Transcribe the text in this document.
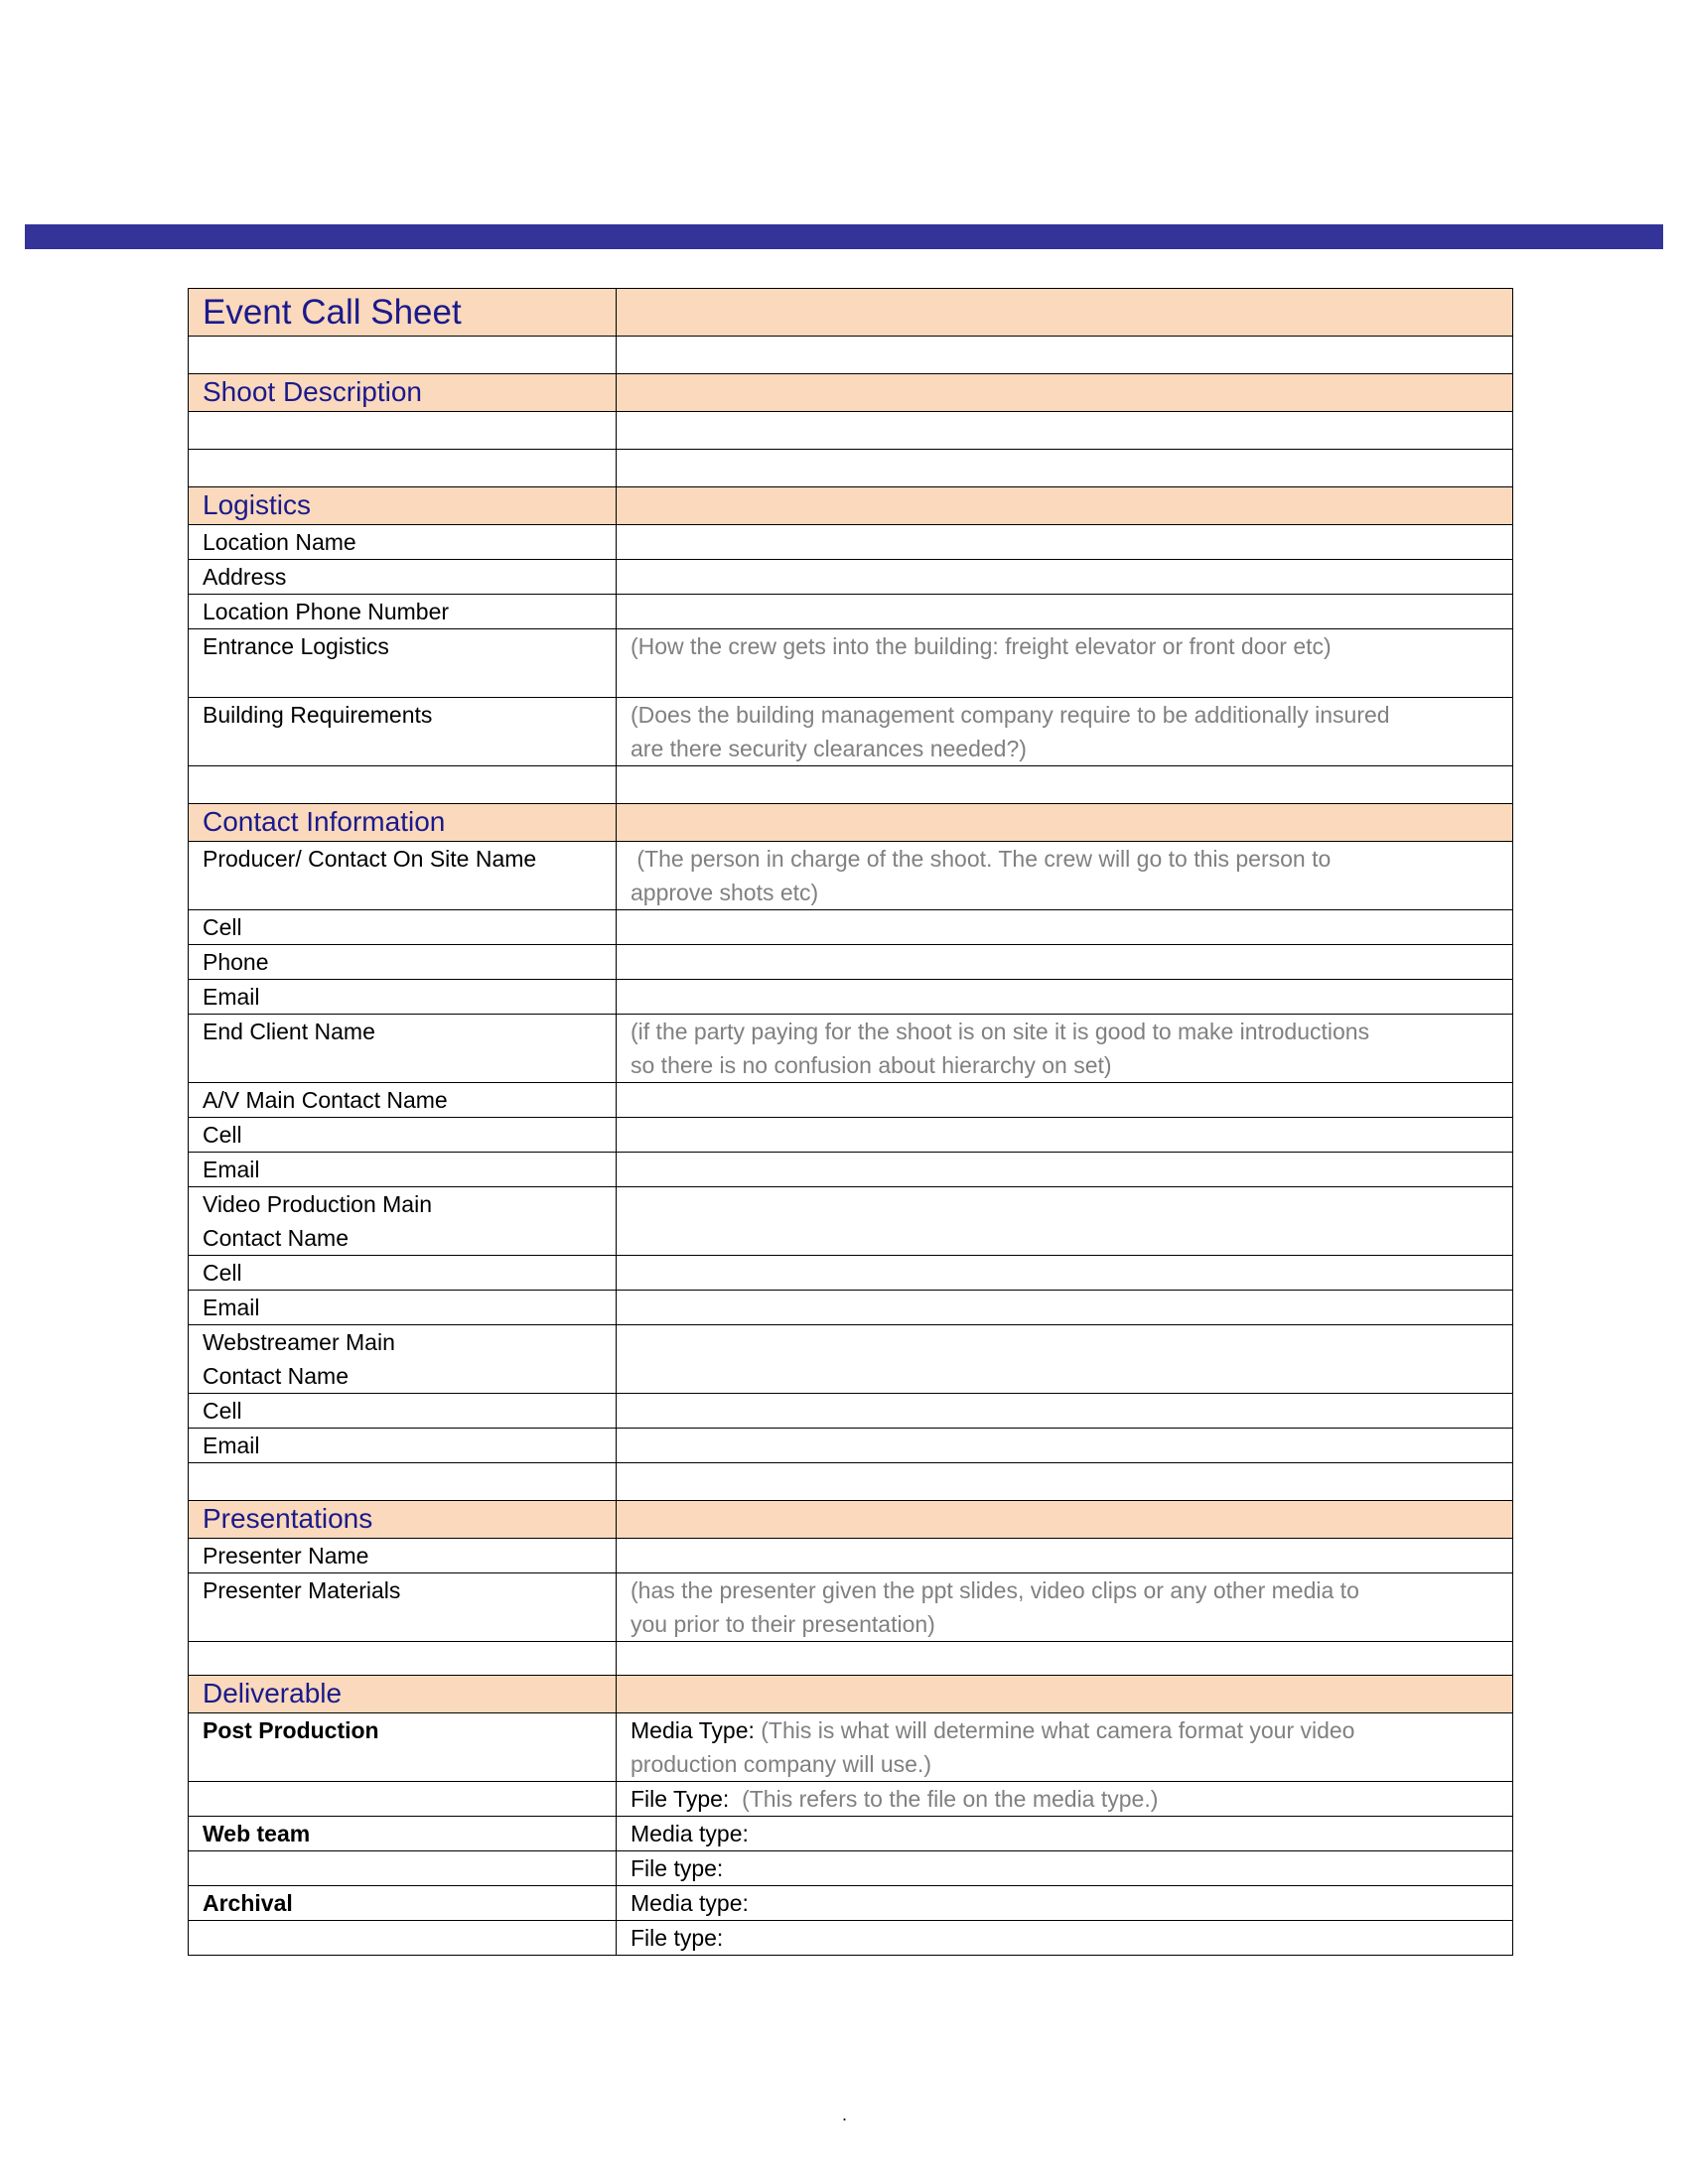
Event Call Sheet	

Shoot Description	

Logistics	
Location Name	
Address	
Location Phone Number	
Entrance Logistics	(How the crew gets into the building: freight elevator or front door etc)

Building Requirements	(Does the building management company require to be additionally insured are there security clearances needed?)

Contact Information	
Producer/ Contact On Site Name	(The person in charge of the shoot. The crew will go to this person to approve shots etc)

Cell	
Phone	
Email	
End Client Name	(if the party paying for the shoot is on site it is good to make introductions so there is no confusion about hierarchy on set)

A/V Main Contact Name	
Cell	
Email	

Video Production Main Contact Name	

Cell	
Email	

Webstreamer Main Contact Name	

Cell	
Email	

Presentations	
Presenter Name	
Presenter Materials	(has the presenter given the ppt slides, video clips or any other media to you prior to their presentation)

Deliverable	
Post Production	Media Type: (This is what will determine what camera format your video production company will use.)

	File Type:  (This refers to the file on the media type.)
Web team	Media type:
	File type:
Archival	Media type:
	File type:
.
